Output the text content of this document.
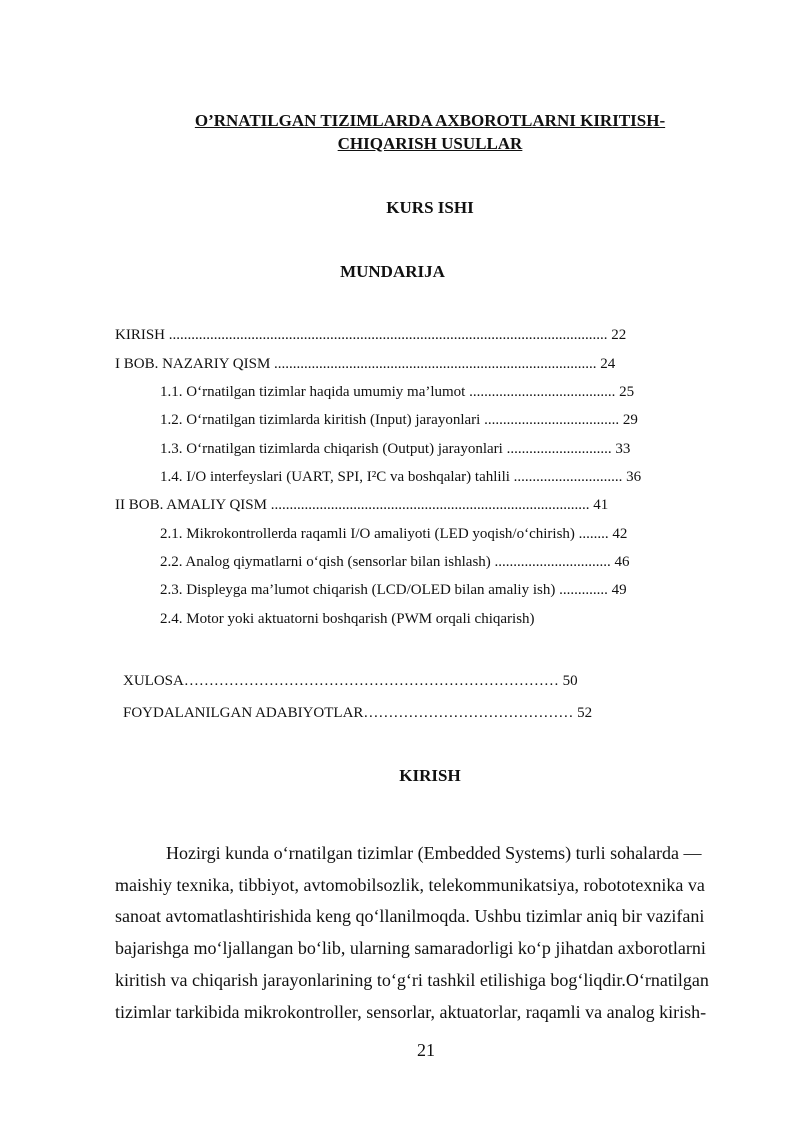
O’RNATILGAN TIZIMLARDA AXBOROTLARNI KIRITISH-
CHIQARISH USULLAR
KURS ISHI
MUNDARIJA
KIRISH ..................................................................................................................... 22
I BOB. NAZARIY QISM ...................................................................................... 24
1.1. O‘rnatilgan tizimlar haqida umumiy ma’lumot ....................................... 25
1.2. O‘rnatilgan tizimlarda kiritish (Input) jarayonlari .................................... 29
1.3. O‘rnatilgan tizimlarda chiqarish (Output) jarayonlari ............................ 33
1.4. I/O interfeyslari (UART, SPI, I²C va boshqalar) tahlili ............................. 36
II BOB. AMALIY QISM ..................................................................................... 41
2.1. Mikrokontrollerda raqamli I/O amaliyoti (LED yoqish/o‘chirish) ........ 42
2.2. Analog qiymatlarni o‘qish (sensorlar bilan ishlash) ............................... 46
2.3. Displeyga ma’lumot chiqarish (LCD/OLED bilan amaliy ish) ............. 49
2.4. Motor yoki aktuatorni boshqarish (PWM orqali chiqarish)
XULOSA………………………………………………………………… 50
FOYDALANILGAN ADABIYOTLAR…………………………………… 52
KIRISH
Hozirgi kunda o‘rnatilgan tizimlar (Embedded Systems) turli sohalarda —
maishiy texnika, tibbiyot, avtomobilsozlik, telekommunikatsiya, robototexnika va
sanoat avtomatlashtirishida keng qo‘llanilmoqda. Ushbu tizimlar aniq bir vazifani
bajarishga mo‘ljallangan bo‘lib, ularning samaradorligi ko‘p jihatdan axborotlarni
kiritish va chiqarish jarayonlarining to‘g‘ri tashkil etilishiga bog‘liqdir.O‘rnatilgan
tizimlar tarkibida mikrokontroller, sensorlar, aktuatorlar, raqamli va analog kirish-
21
